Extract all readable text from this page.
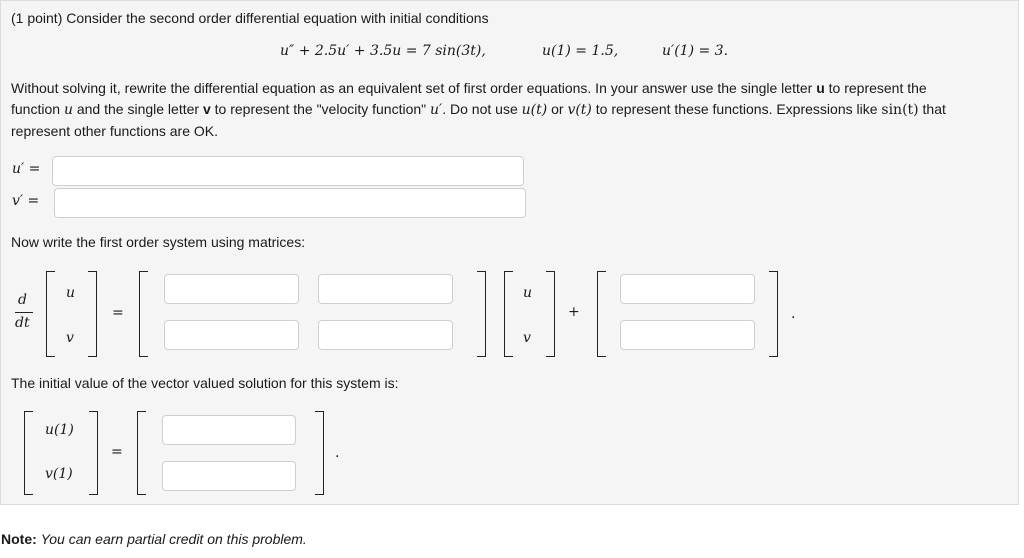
(1 point) Consider the second order differential equation with initial conditions
u″ + 2.5u′ + 3.5u = 7 sin(3t),	u(1) = 1.5,	u′(1) = 3.
Without solving it, rewrite the differential equation as an equivalent set of first order equations. In your answer use the single letter u to represent the
function u and the single letter v to represent the "velocity function" u′. Do not use u(t) or v(t) to represent these functions. Expressions like sin(t) that
represent other functions are OK.
u′ =
v′ =
Now write the first order system using matrices:
d
dt
u
v
=
u
v
+	.
The initial value of the vector valued solution for this system is:
u(1)
v(1)
=	.
Note: You can earn partial credit on this problem.
